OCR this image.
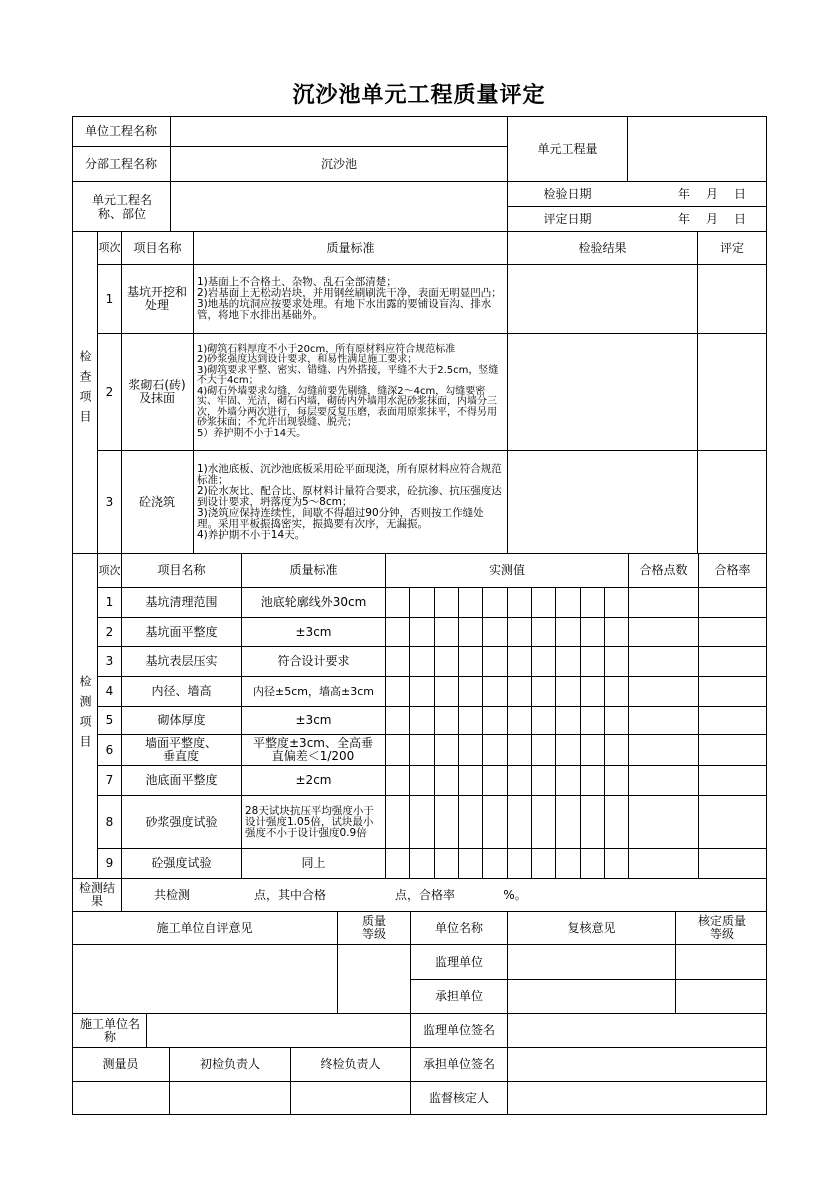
沉沙池单元工程质量评定
单位工程名称
分部工程名称	沉沙池
单元工程量
单元工程名称、部位
检验日期
评定日期
年	月	日
年	月	日
检查项目
项次	项目名称	质量标准	检验结果	评定
1	基坑开挖和处理
1)基面上不合格土、杂物、乱石全部清楚；
2)岩基面上无松动岩块，并用钢丝刷刷洗干净，表面无明显凹凸；
3)地基的坑洞应按要求处理。有地下水出露的要铺设盲沟、排水管，将地下水排出基础外。
2	浆砌石(砖)及抹面
1)砌筑石料厚度不小于20cm，所有原材料应符合规范标准
2)砂浆强度达到设计要求，和易性满足施工要求；
3)砌筑要求平整、密实、错缝、内外搭接，平缝不大于2.5cm，竖缝不大于4cm；
4)砌石外墙要求勾缝，勾缝前要先剔缝，缝深2～4cm，勾缝要密实、牢固、光洁，砌石内墙，砌砖内外墙用水泥砂浆抹面，内墙分三次，外墙分两次进行，每层要反复压磨，表面用原浆抹平，不得另用砂浆抹面；不允许出现裂缝、脱壳；
5）养护期不小于14天。
3	砼浇筑
1)水池底板、沉沙池底板采用砼平面现浇，所有原材料应符合规范标准；
2)砼水灰比、配合比、原材料计量符合要求，砼抗渗、抗压强度达到设计要求，坍落度为5～8cm；
3)浇筑应保持连续性，间歇不得超过90分钟，否则按工作缝处理。采用平板振捣密实，振捣要有次序，无漏振。
4)养护期不小于14天。
检测项目
项次	项目名称	质量标准	实测值	合格点数	合格率
1	基坑清理范围	池底轮廓线外30cm
2	基坑面平整度	±3cm
3	基坑表层压实	符合设计要求
4	内径、墙高	内径±5cm，墙高±3cm
5	砌体厚度	±3cm
6	墙面平整度、垂直度
平整度±3cm、全高垂直偏差＜1/200
7	池底面平整度	±2cm
8	砂浆强度试验
28天试块抗压平均强度小于设计强度1.05倍，试块最小强度不小于设计强度0.9倍
9	砼强度试验	同上
检测结果	共检测	点，其中合格	点，合格率	%。
施工单位自评意见	质量等级	单位名称	复核意见	核定质量等级
监理单位
承担单位
施工单位名称	监理单位签名
测量员	初检负责人	终检负责人	承担单位签名
监督核定人
